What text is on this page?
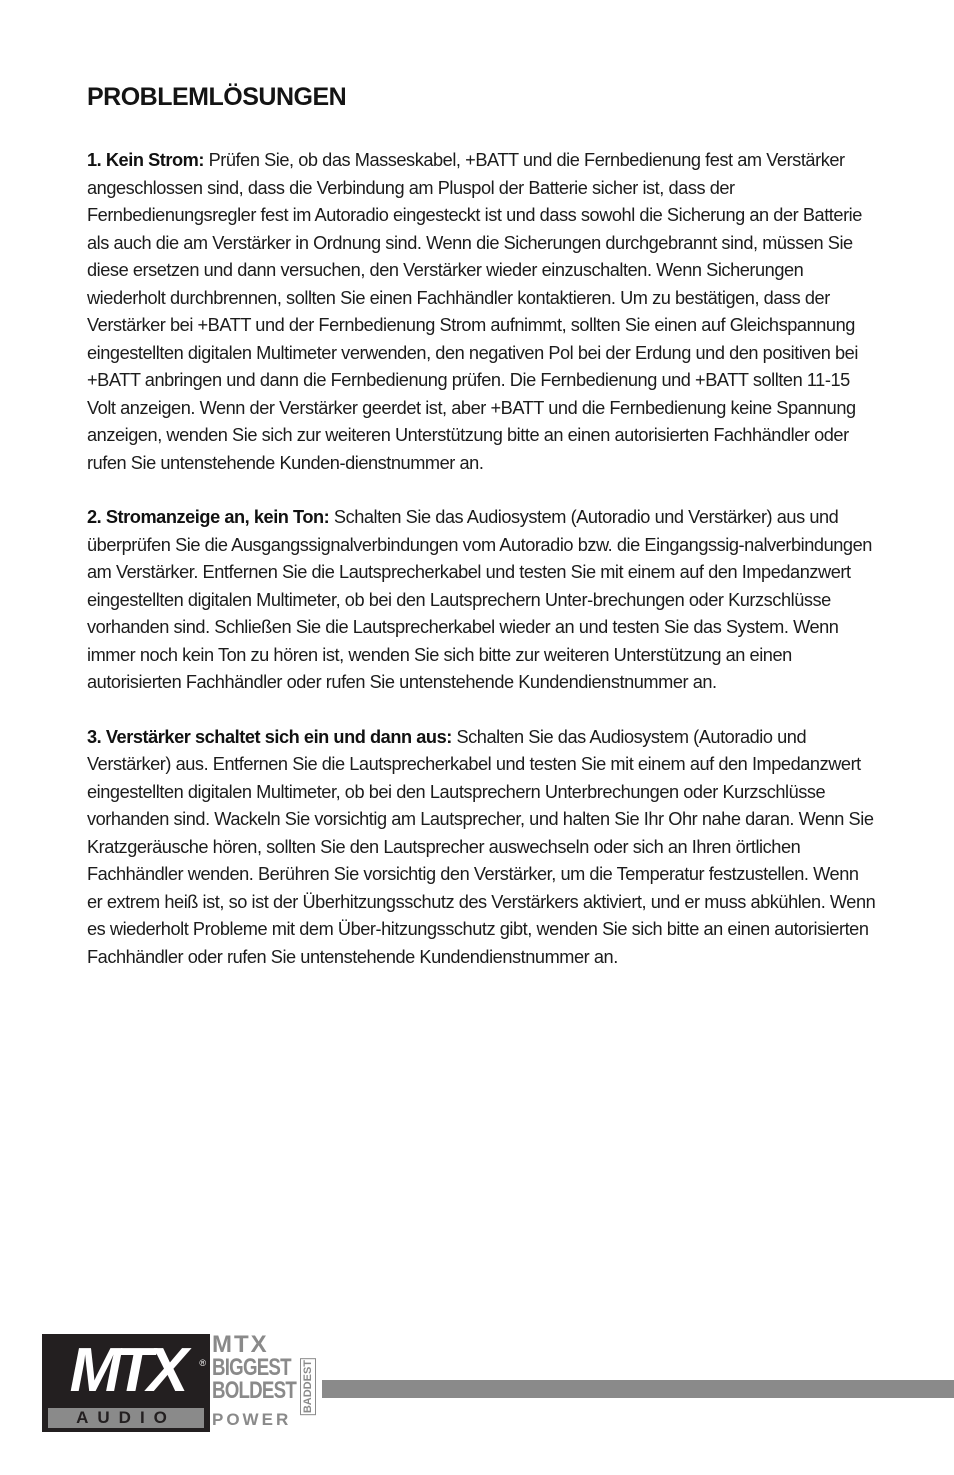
PROBLEMLÖSUNGEN

1. Kein Strom: Prüfen Sie, ob das Masseskabel, +BATT und die Fernbedienung fest am Verstärker angeschlossen sind, dass die Verbindung am Pluspol der Batterie sicher ist, dass der Fernbedienungsregler fest im Autoradio eingesteckt ist und dass sowohl die Sicherung an der Batterie als auch die am Verstärker in Ordnung sind. Wenn die Sicherungen durchgebrannt sind, müssen Sie diese ersetzen und dann versuchen, den Verstärker wieder einzuschalten. Wenn Sicherungen wiederholt durchbrennen, sollten Sie einen Fachhändler kontaktieren. Um zu bestätigen, dass der Verstärker bei +BATT und der Fernbedienung Strom aufnimmt, sollten Sie einen auf Gleichspannung eingestellten digitalen Multimeter verwenden, den negativen Pol bei der Erdung und den positiven bei +BATT anbringen und dann die Fernbedienung prüfen. Die Fernbedienung und +BATT sollten 11-15 Volt anzeigen. Wenn der Verstärker geerdet ist, aber +BATT und die Fernbedienung keine Spannung anzeigen, wenden Sie sich zur weiteren Unterstützung bitte an einen autorisierten Fachhändler oder rufen Sie untenstehende Kunden-dienstnummer an.

2. Stromanzeige an, kein Ton: Schalten Sie das Audiosystem (Autoradio und Verstärker) aus und überprüfen Sie die Ausgangssignalverbindungen vom Autoradio bzw. die Eingangssig-nalverbindungen am Verstärker. Entfernen Sie die Lautsprecherkabel und testen Sie mit einem auf den Impedanzwert eingestellten digitalen Multimeter, ob bei den Lautsprechern Unter-brechungen oder Kurzschlüsse vorhanden sind. Schließen Sie die Lautsprecherkabel wieder an und testen Sie das System. Wenn immer noch kein Ton zu hören ist, wenden Sie sich bitte zur weiteren Unterstützung an einen autorisierten Fachhändler oder rufen Sie untenstehende Kundendienstnummer an.

3. Verstärker schaltet sich ein und dann aus: Schalten Sie das Audiosystem (Autoradio und Verstärker) aus. Entfernen Sie die Lautsprecherkabel und testen Sie mit einem auf den Impedanzwert eingestellten digitalen Multimeter, ob bei den Lautsprechern Unterbrechungen oder Kurzschlüsse vorhanden sind. Wackeln Sie vorsichtig am Lautsprecher, und halten Sie Ihr Ohr nahe daran. Wenn Sie Kratzgeräusche hören, sollten Sie den Lautsprecher auswechseln oder sich an Ihren örtlichen Fachhändler wenden. Berühren Sie vorsichtig den Verstärker, um die Temperatur festzustellen. Wenn er extrem heiß ist, so ist der Überhitzungsschutz des Verstärkers aktiviert, und er muss abkühlen. Wenn es wiederholt Probleme mit dem Über-hitzungsschutz gibt, wenden Sie sich bitte an einen autorisierten Fachhändler oder rufen Sie untenstehende Kundendienstnummer an.

MTX	®
AUDIO
MTX
BIGGEST
BOLDEST BADDEST
POWER
